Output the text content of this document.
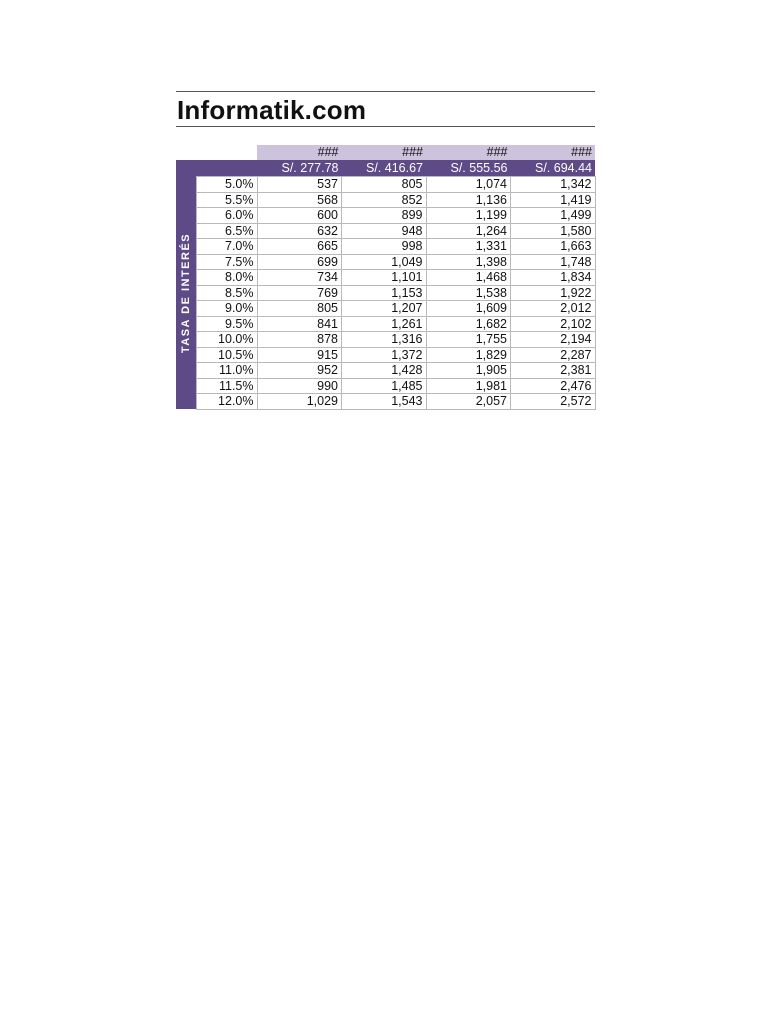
Informatik.com
		###	###	###	###
		S/. 277.78	S/. 416.67	S/. 555.56	S/. 694.44

TASA DE INTERÉS	5.0%	537	805	1,074	1,342
	5.5%	568	852	1,136	1,419
	6.0%	600	899	1,199	1,499
	6.5%	632	948	1,264	1,580
	7.0%	665	998	1,331	1,663
	7.5%	699	1,049	1,398	1,748
	8.0%	734	1,101	1,468	1,834
	8.5%	769	1,153	1,538	1,922
	9.0%	805	1,207	1,609	2,012
	9.5%	841	1,261	1,682	2,102
	10.0%	878	1,316	1,755	2,194
	10.5%	915	1,372	1,829	2,287
	11.0%	952	1,428	1,905	2,381
	11.5%	990	1,485	1,981	2,476
	12.0%	1,029	1,543	2,057	2,572
